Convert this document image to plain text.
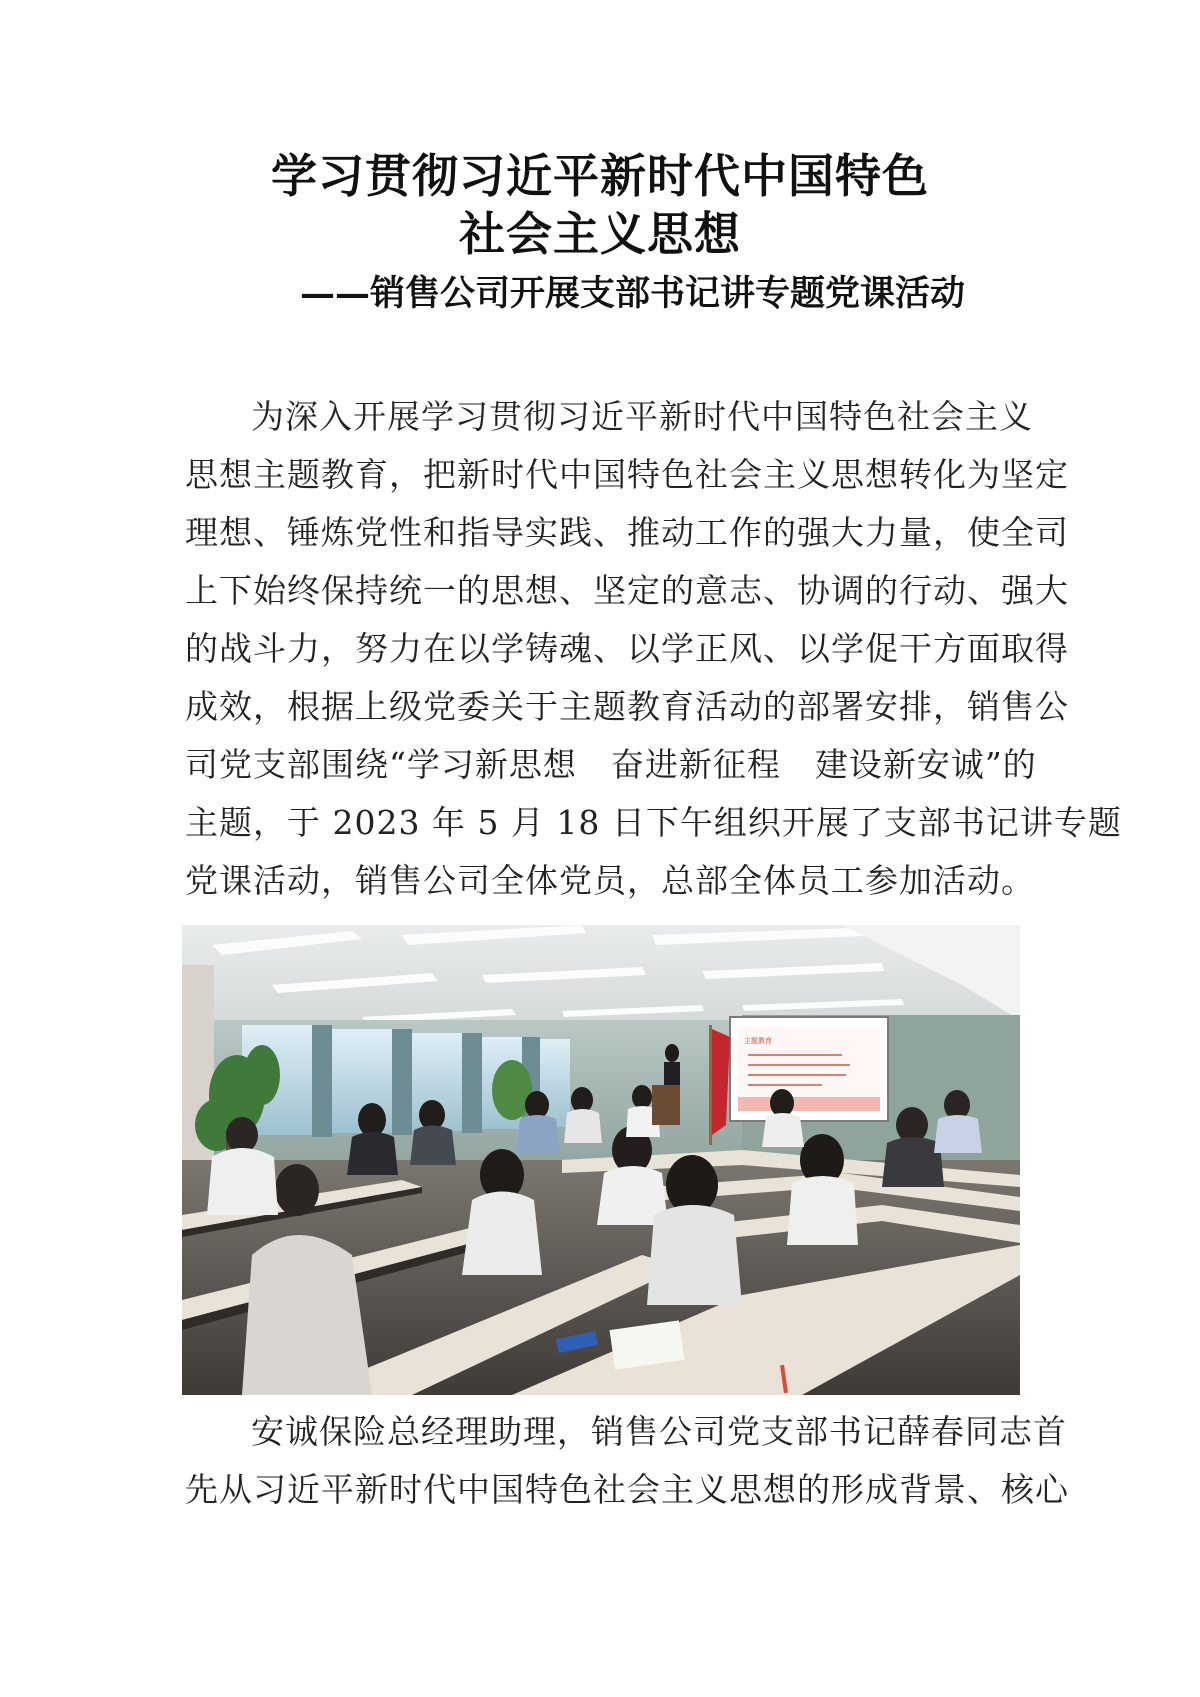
学习贯彻习近平新时代中国特色
社会主义思想
——销售公司开展支部书记讲专题党课活动
为深入开展学习贯彻习近平新时代中国特色社会主义
思想主题教育，把新时代中国特色社会主义思想转化为坚定
理想、锤炼党性和指导实践、推动工作的强大力量，使全司
上下始终保持统一的思想、坚定的意志、协调的行动、强大
的战斗力，努力在以学铸魂、以学正风、以学促干方面取得
成效，根据上级党委关于主题教育活动的部署安排，销售公
司党支部围绕“学习新思想　奋进新征程　建设新安诚”的
主题，于 2023 年 5 月 18 日下午组织开展了支部书记讲专题
党课活动，销售公司全体党员，总部全体员工参加活动。
主题教育
安诚保险总经理助理，销售公司党支部书记薛春同志首
先从习近平新时代中国特色社会主义思想的形成背景、核心
